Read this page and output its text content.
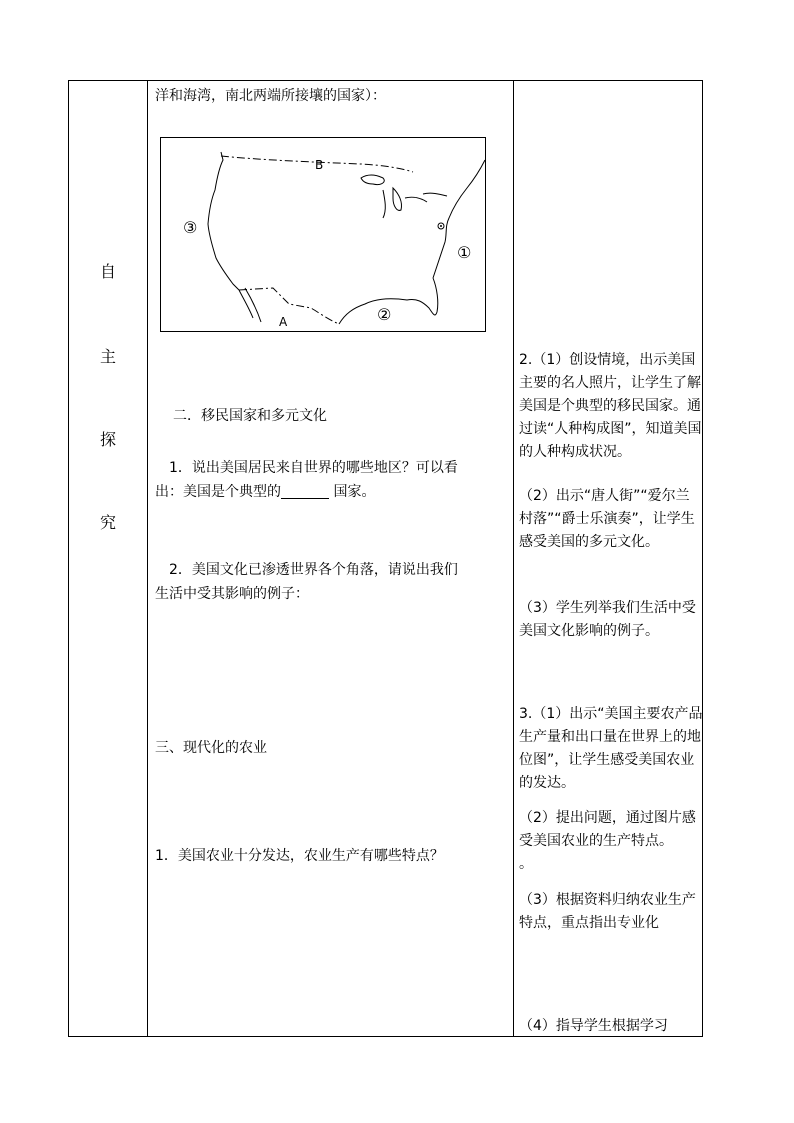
自
主
探
究
洋和海湾，南北两端所接壤的国家）：
B
A
①
②
③
二．移民国家和多元文化
1．说出美国居民来自世界的哪些地区？可以看
出：美国是个典型的	国家。
2．美国文化已渗透世界各个角落，请说出我们
生活中受其影响的例子：
三、现代化的农业
1．美国农业十分发达，农业生产有哪些特点？

2.（1）创设情境，出示美国主要的名人照片，让学生了解美国是个典型的移民国家。通过读“人种构成图”，知道美国的人种构成状况。

（2）出示“唐人街”“爱尔兰村落”“爵士乐演奏”，让学生感受美国的多元文化。

（3）学生列举我们生活中受美国文化影响的例子。

3.（1）出示“美国主要农产品生产量和出口量在世界上的地位图”，让学生感受美国农业的发达。

（2）提出问题，通过图片感受美国农业的生产特点。

。

（3）根据资料归纳农业生产特点，重点指出专业化

（4）指导学生根据学习
